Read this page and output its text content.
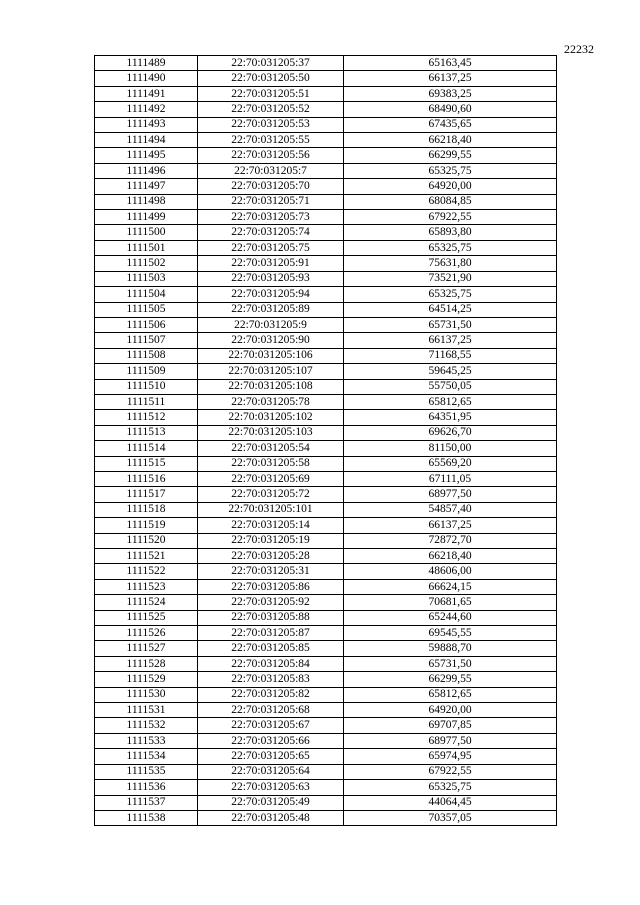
22232
1111489	22:70:031205:37	65163,45
1111490	22:70:031205:50	66137,25
1111491	22:70:031205:51	69383,25
1111492	22:70:031205:52	68490,60
1111493	22:70:031205:53	67435,65
1111494	22:70:031205:55	66218,40
1111495	22:70:031205:56	66299,55
1111496	22:70:031205:7	65325,75
1111497	22:70:031205:70	64920,00
1111498	22:70:031205:71	68084,85
1111499	22:70:031205:73	67922,55
1111500	22:70:031205:74	65893,80
1111501	22:70:031205:75	65325,75
1111502	22:70:031205:91	75631,80
1111503	22:70:031205:93	73521,90
1111504	22:70:031205:94	65325,75
1111505	22:70:031205:89	64514,25
1111506	22:70:031205:9	65731,50
1111507	22:70:031205:90	66137,25
1111508	22:70:031205:106	71168,55
1111509	22:70:031205:107	59645,25
1111510	22:70:031205:108	55750,05
1111511	22:70:031205:78	65812,65
1111512	22:70:031205:102	64351,95
1111513	22:70:031205:103	69626,70
1111514	22:70:031205:54	81150,00
1111515	22:70:031205:58	65569,20
1111516	22:70:031205:69	67111,05
1111517	22:70:031205:72	68977,50
1111518	22:70:031205:101	54857,40
1111519	22:70:031205:14	66137,25
1111520	22:70:031205:19	72872,70
1111521	22:70:031205:28	66218,40
1111522	22:70:031205:31	48606,00
1111523	22:70:031205:86	66624,15
1111524	22:70:031205:92	70681,65
1111525	22:70:031205:88	65244,60
1111526	22:70:031205:87	69545,55
1111527	22:70:031205:85	59888,70
1111528	22:70:031205:84	65731,50
1111529	22:70:031205:83	66299,55
1111530	22:70:031205:82	65812,65
1111531	22:70:031205:68	64920,00
1111532	22:70:031205:67	69707,85
1111533	22:70:031205:66	68977,50
1111534	22:70:031205:65	65974,95
1111535	22:70:031205:64	67922,55
1111536	22:70:031205:63	65325,75
1111537	22:70:031205:49	44064,45
1111538	22:70:031205:48	70357,05
